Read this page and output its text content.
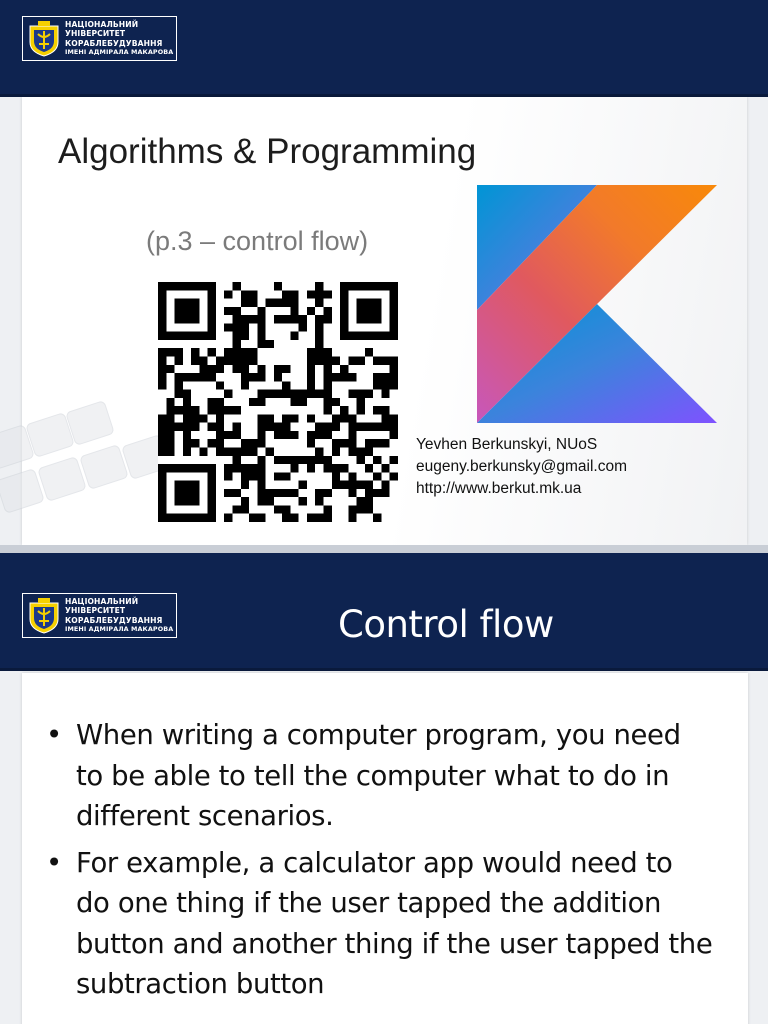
НАЦІОНАЛЬНИЙ
УНІВЕРСИТЕТ
КОРАБЛЕБУДУВАННЯ
ІМЕНІ АДМІРАЛА МАКАРОВА
Algorithms & Programming
(p.3 – control flow)
Yevhen Berkunskyi, NUoS
eugeny.berkunsky@gmail.com
http://www.berkut.mk.ua
НАЦІОНАЛЬНИЙ
УНІВЕРСИТЕТ
КОРАБЛЕБУДУВАННЯ
ІМЕНІ АДМІРАЛА МАКАРОВА	Control flow
• When writing a computer program, you need to be able to tell the computer what to do in different scenarios.
• For example, a calculator app would need to do one thing if the user tapped the addition button and another thing if the user tapped the subtraction button
